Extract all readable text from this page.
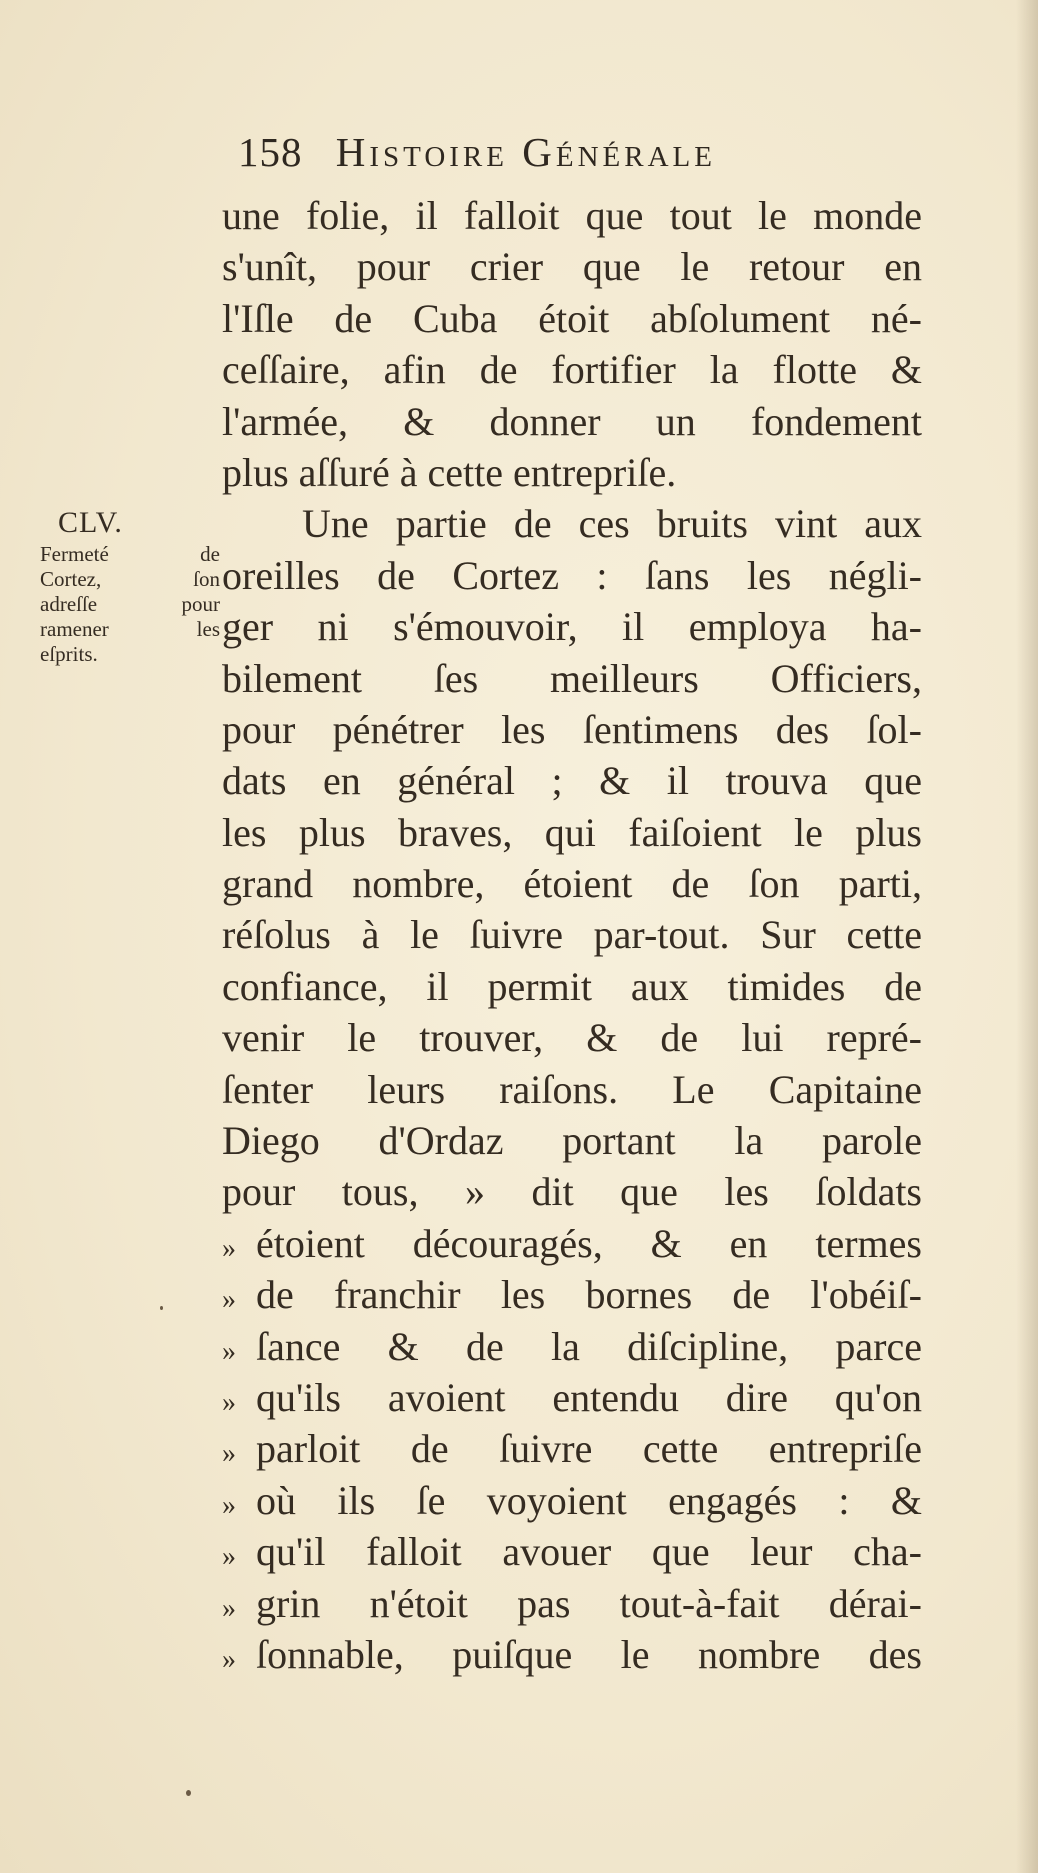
158 Histoire Générale
CLV.
Fermeté de
Cortez, ſon
adreſſe pour
ramener les
eſprits.
une folie, il falloit que tout le monde
s'unît, pour crier que le retour en
l'Iſle de Cuba étoit abſolument né-
ceſſaire, afin de fortifier la flotte &
l'armée, & donner un fondement
plus aſſuré à cette entrepriſe.
Une partie de ces bruits vint aux
oreilles de Cortez : ſans les négli-
ger ni s'émouvoir, il employa ha-
bilement ſes meilleurs Officiers,
pour pénétrer les ſentimens des ſol-
dats en général ; & il trouva que
les plus braves, qui faiſoient le plus
grand nombre, étoient de ſon parti,
réſolus à le ſuivre par-tout. Sur cette
confiance, il permit aux timides de
venir le trouver, & de lui repré-
ſenter leurs raiſons. Le Capitaine
Diego d'Ordaz portant la parole
pour tous, » dit que les ſoldats
» étoient découragés, & en termes
» de franchir les bornes de l'obéiſ-
» ſance & de la diſcipline, parce
» qu'ils avoient entendu dire qu'on
» parloit de ſuivre cette entrepriſe
» où ils ſe voyoient engagés : &
» qu'il falloit avouer que leur cha-
» grin n'étoit pas tout-à-fait dérai-
» ſonnable, puiſque le nombre des
